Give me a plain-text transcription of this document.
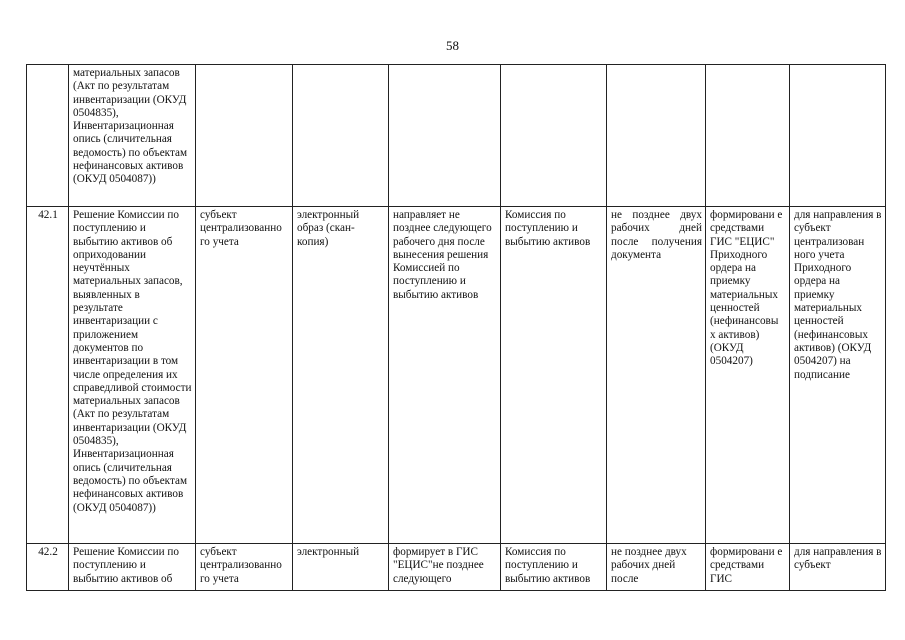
58
	материальных запасов (Акт по результатам инвентаризации (ОКУД 0504835), Инвентаризационная опись (сличительная ведомость) по объектам нефинансовых активов (ОКУД 0504087))							
42.1	Решение Комиссии по поступлению и выбытию активов об оприходовании неучтённых материальных запасов, выявленных в результате инвентаризации с приложением документов по инвентаризации в том числе определения их справедливой стоимости материальных запасов (Акт по результатам инвентаризации (ОКУД 0504835), Инвентаризационная опись (сличительная ведомость) по объектам нефинансовых активов (ОКУД 0504087))	субъект централизованно го учета	электронный образ (скан-копия)	направляет не позднее следующего рабочего дня после вынесения решения Комиссией по поступлению и выбытию активов	Комиссия по поступлению и выбытию активов	не позднее двух рабочих дней после получения документа	формировани е средствами ГИС "ЕЦИС" Приходного ордера на приемку материальных ценностей (нефинансовы х активов) (ОКУД 0504207)	для направления в субъект централизован ного учета Приходного ордера на приемку материальных ценностей (нефинансовых активов) (ОКУД 0504207) на подписание

42.2	Решение Комиссии по поступлению и выбытию активов об	субъект централизованно го учета	электронный	формирует в ГИС "ЕЦИС"не позднее следующего	Комиссия по поступлению и выбытию активов	не позднее двух рабочих дней после	формировани е средствами ГИС	для направления в субъект
